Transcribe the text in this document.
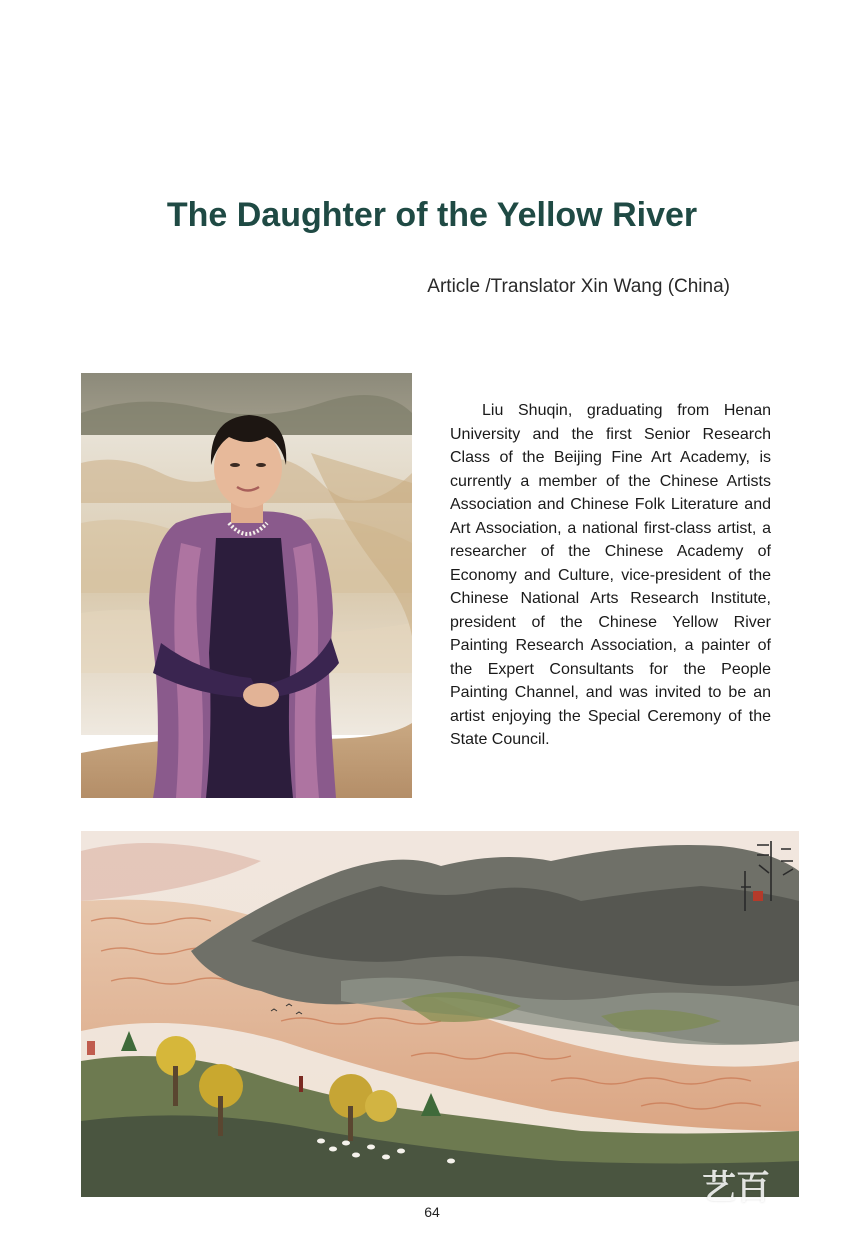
The Daughter of the Yellow River
Article /Translator Xin Wang (China)

Liu Shuqin, graduating from Henan University and the first Senior Research Class of the Beijing Fine Art Academy, is currently a member of the Chinese Artists Association and Chinese Folk Literature and Art Association, a national first-class artist, a researcher of the Chinese Academy of Economy and Culture, vice-president of the Chinese National Arts Research Institute, president of the Chinese Yellow River Painting Research Association, a painter of the Expert Consultants for the People Painting Channel, and was invited to be an artist enjoying the Special Ceremony of the State Council.

艺百
64
